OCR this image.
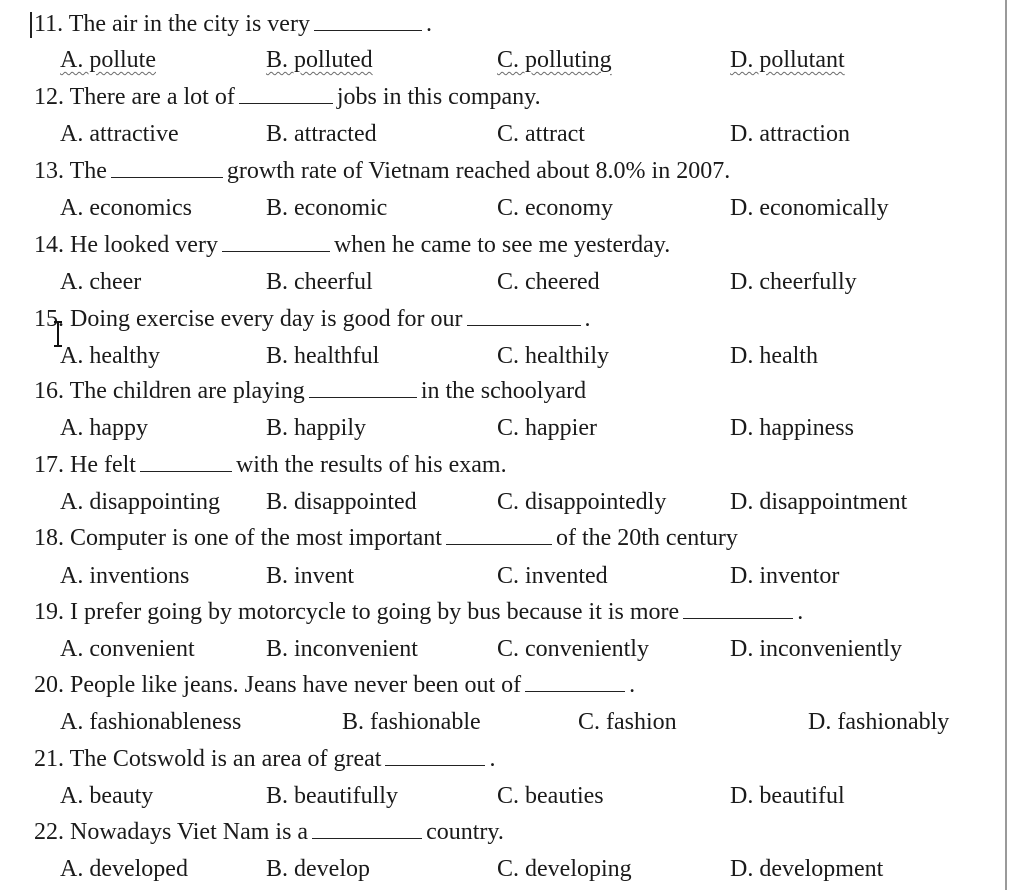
11. The air in the city is very	.
A. pollute	B. polluted	C. polluting	D. pollutant
12. There are a lot of	jobs in this company.
A. attractive	B. attracted	C. attract	D. attraction
13. The	growth rate of Vietnam reached about 8.0% in 2007.
A. economics	B. economic	C. economy	D. economically
14. He looked very	when he came to see me yesterday.
A. cheer	B. cheerful	C. cheered	D. cheerfully
15. Doing exercise every day is good for our	.
A. healthy	B. healthful	C. healthily	D. health
16. The children are playing	in the schoolyard
A. happy	B. happily	C. happier	D. happiness
17. He felt	with the results of his exam.
A. disappointing B. disappointed	C. disappointedly	D. disappointment
18. Computer is one of the most important	of the 20th century
A. inventions	B. invent	C. invented	D. inventor
19. I prefer going by motorcycle to going by bus because it is more	.
A. convenient	B. inconvenient	C. conveniently	D. inconveniently
20. People like jeans. Jeans have never been out of	.
A. fashionableness	B. fashionable	C. fashion	D. fashionably
21. The Cotswold is an area of great	.
A. beauty	B. beautifully	C. beauties	D. beautiful
22. Nowadays Viet Nam is a	country.
A. developed	B. develop	C. developing	D. development
